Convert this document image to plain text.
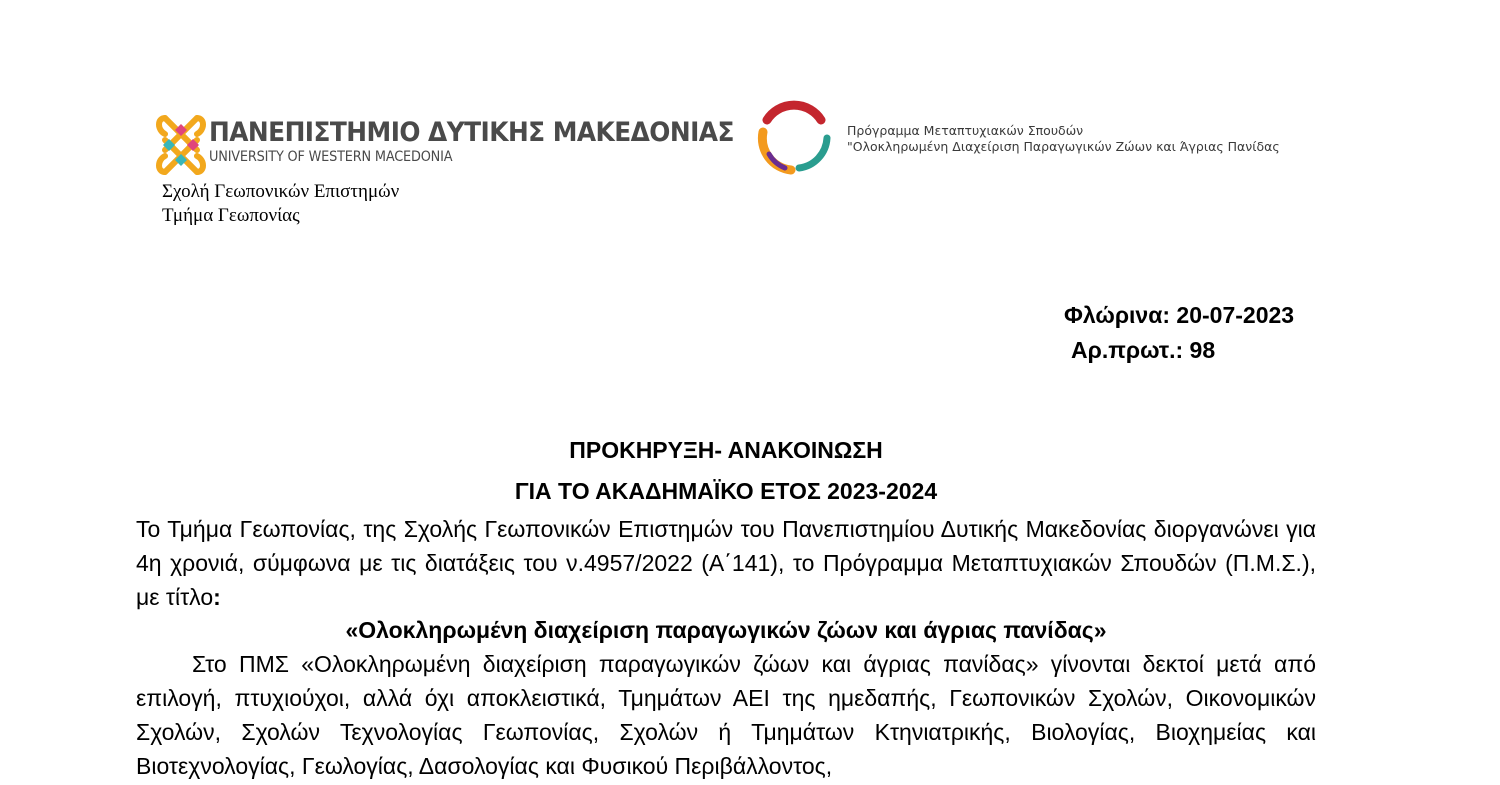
ΠΑΝΕΠΙΣΤΗΜΙΟ ΔΥΤΙΚΗΣ ΜΑΚΕΔΟΝΙΑΣ
UNIVERSITY OF WESTERN MACEDONIA
Σχολή Γεωπονικών Επιστημών
Τμήμα Γεωπονίας
Πρόγραμμα Μεταπτυχιακών Σπουδών
"Ολοκληρωμένη Διαχείριση Παραγωγικών Ζώων και Άγριας Πανίδας
Φλώρινα: 20-07-2023
Αρ.πρωτ.: 98
ΠΡΟΚΗΡΥΞΗ- ΑΝΑΚΟΙΝΩΣΗ
ΓΙΑ ΤΟ ΑΚΑΔΗΜΑΪΚΟ ΕΤΟΣ 2023-2024
Το Τμήμα Γεωπονίας, της Σχολής Γεωπονικών Επιστημών του Πανεπιστημίου Δυτικής Μακεδονίας διοργανώνει για 4η χρονιά, σύμφωνα με τις διατάξεις του ν.4957/2022 (Α΄141), το Πρόγραμμα Μεταπτυχιακών Σπουδών (Π.Μ.Σ.), με τίτλο:
«Ολοκληρωμένη διαχείριση παραγωγικών ζώων και άγριας πανίδας»
Στο ΠΜΣ «Ολοκληρωμένη διαχείριση παραγωγικών ζώων και άγριας πανίδας» γίνονται δεκτοί μετά από επιλογή, πτυχιούχοι, αλλά όχι αποκλειστικά, Τμημάτων ΑΕΙ της ημεδαπής, Γεωπονικών Σχολών, Οικονομικών Σχολών, Σχολών Τεχνολογίας Γεωπονίας, Σχολών ή Τμημάτων Κτηνιατρικής, Βιολογίας, Βιοχημείας και Βιοτεχνολογίας, Γεωλογίας, Δασολογίας και Φυσικού Περιβάλλοντος,
